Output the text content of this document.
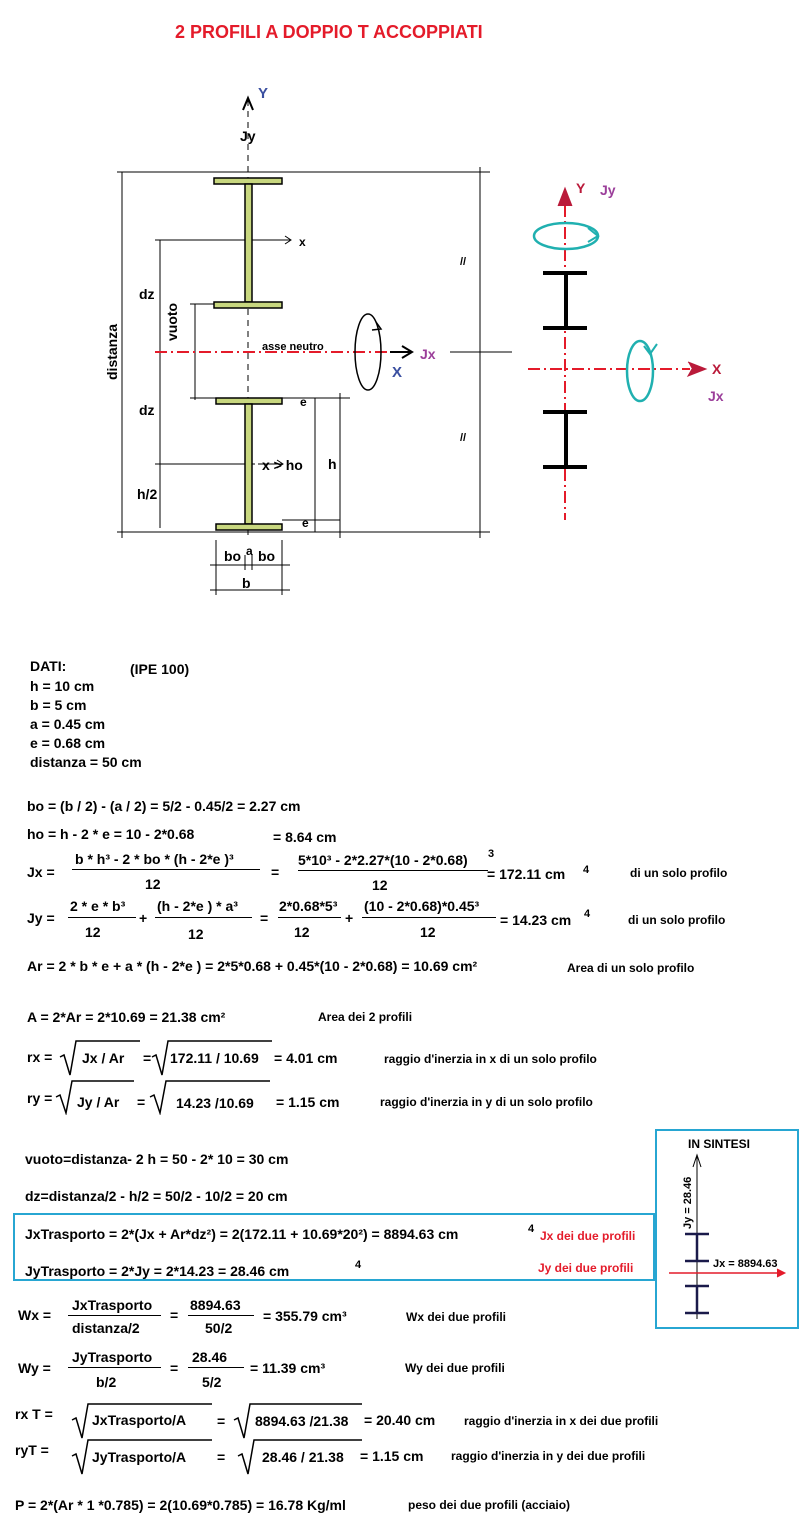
2 PROFILI A DOPPIO T ACCOPPIATI
Y
Jy
x
dz
dz
vuoto
distanza	asse neutro	Jx
X
e
e
x > ho h
h/2
//
//
bo a bo
b
Y Jy
X
Jx
DATI:	(IPE 100)
h = 10 cm
b = 5 cm
a = 0.45 cm
e = 0.68 cm
distanza = 50 cm
bo = (b / 2) - (a / 2) = 5/2 - 0.45/2 = 2.27 cm
ho = h - 2 * e = 10 - 2*0.68	= 8.64 cm
Jx =
b * h³ - 2 * bo * (h - 2*e )³
12
=
5*10³ - 2*2.27*(10 - 2*0.68) 3
12
= 172.11 cm 4	di un solo profilo
Jy =
2 * e * b³
12
+
(h - 2*e ) * a³
12
=
2*0.68*5³
12
+
(10 - 2*0.68)*0.45³
12
= 14.23 cm 4	di un solo profilo
Ar = 2 * b * e + a * (h - 2*e ) = 2*5*0.68 + 0.45*(10 - 2*0.68) = 10.69 cm²	Area di un solo profilo
A = 2*Ar = 2*10.69 = 21.38 cm²	Area dei 2 profili
rx = Jx / Ar = 172.11 / 10.69 = 4.01 cm	raggio d'inerzia in x di un solo profilo
ry = Jy / Ar = 14.23 /10.69 = 1.15 cm	raggio d'inerzia in y di un solo profilo
vuoto=distanza- 2 h = 50 - 2* 10 = 30 cm
dz=distanza/2 - h/2 = 50/2 - 10/2 = 20 cm
JxTrasporto = 2*(Jx + Ar*dz²) = 2(172.11 + 10.69*20²) = 8894.63 cm	4 Jx dei due profili
JyTrasporto = 2*Jy = 2*14.23 = 28.46 cm	4	Jy dei due profili
IN SINTESI
Jy = 28.46
Jx = 8894.63
Wx =
JxTrasporto
distanza/2
=
8894.63
50/2
= 355.79 cm³	Wx dei due profili
Wy =
JyTrasporto
b/2
=
28.46
5/2
= 11.39 cm³	Wy dei due profili
rx T =	JxTrasporto/A = 8894.63 /21.38 = 20.40 cm raggio d'inerzia in x dei due profili
ryT =	JyTrasporto/A =	28.46 / 21.38 = 1.15 cm raggio d'inerzia in y dei due profili
P = 2*(Ar * 1 *0.785) = 2(10.69*0.785) = 16.78 Kg/ml	peso dei due profili (acciaio)
